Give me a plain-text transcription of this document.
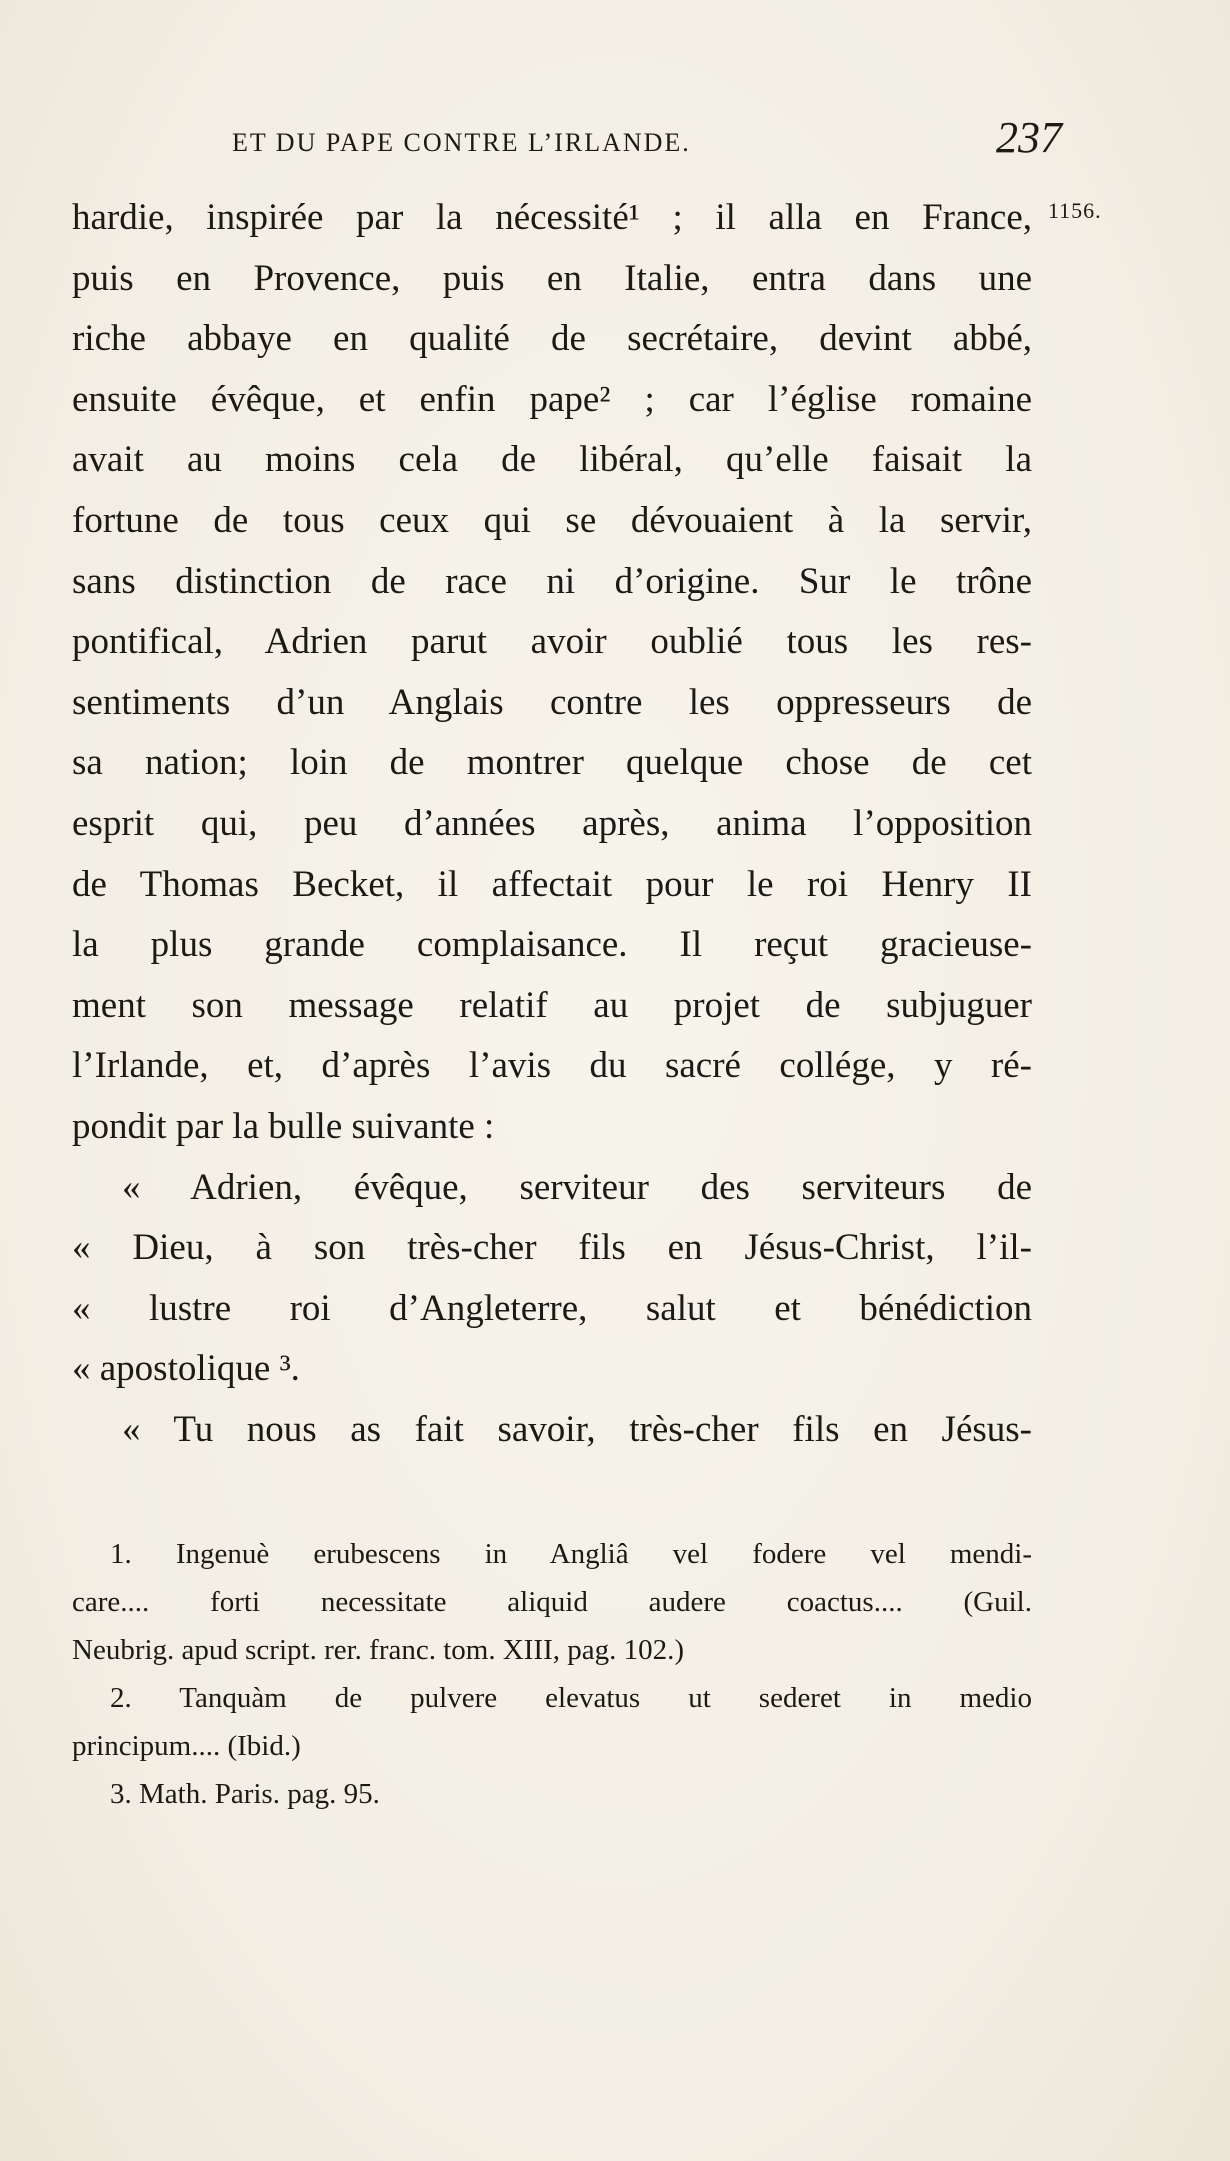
ET DU PAPE CONTRE L’IRLANDE.	237
1156.
hardie, inspirée par la nécessité¹ ; il alla en France,
puis en Provence, puis en Italie, entra dans une
riche abbaye en qualité de secrétaire, devint abbé,
ensuite évêque, et enfin pape² ; car l’église romaine
avait au moins cela de libéral, qu’elle faisait la
fortune de tous ceux qui se dévouaient à la servir,
sans distinction de race ni d’origine. Sur le trône
pontifical, Adrien parut avoir oublié tous les res-
sentiments d’un Anglais contre les oppresseurs de
sa nation; loin de montrer quelque chose de cet
esprit qui, peu d’années après, anima l’opposition
de Thomas Becket, il affectait pour le roi Henry II
la plus grande complaisance. Il reçut gracieuse-
ment son message relatif au projet de subjuguer
l’Irlande, et, d’après l’avis du sacré collége, y ré-
pondit par la bulle suivante :
« Adrien, évêque, serviteur des serviteurs de
« Dieu, à son très-cher fils en Jésus-Christ, l’il-
« lustre roi d’Angleterre, salut et bénédiction
« apostolique ³.
« Tu nous as fait savoir, très-cher fils en Jésus-
1. Ingenuè erubescens in Angliâ vel fodere vel mendi-
care.... forti necessitate aliquid audere coactus.... (Guil.
Neubrig. apud script. rer. franc. tom. XIII, pag. 102.)
2. Tanquàm de pulvere elevatus ut sederet in medio
principum.... (Ibid.)
3. Math. Paris. pag. 95.
